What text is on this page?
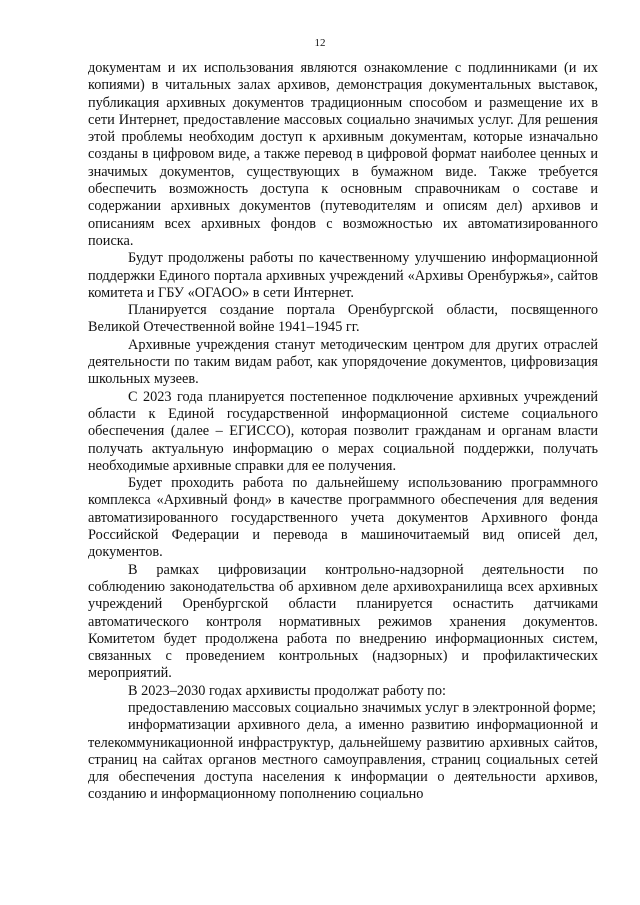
12

документам и их использования являются ознакомление с подлинниками (и их копиями) в читальных залах архивов, демонстрация документальных выставок, публикация архивных документов традиционным способом и размещение их в сети Интернет, предоставление массовых социально значимых услуг. Для решения этой проблемы необходим доступ к архивным документам, которые изначально созданы в цифровом виде, а также перевод в цифровой формат наиболее ценных и значимых документов, существующих в бумажном виде. Также требуется обеспечить возможность доступа к основным справочникам о составе и содержании архивных документов (путеводителям и описям дел) архивов и описаниям всех архивных фондов с возможностью их автоматизированного поиска.

Будут продолжены работы по качественному улучшению информационной поддержки Единого портала архивных учреждений «Архивы Оренбуржья», сайтов комитета и ГБУ «ОГАОО» в сети Интернет.

Планируется создание портала Оренбургской области, посвященного Великой Отечественной войне 1941–1945 гг.

Архивные учреждения станут методическим центром для других отраслей деятельности по таким видам работ, как упорядочение документов, цифровизация школьных музеев.

С 2023 года планируется постепенное подключение архивных учреждений области к Единой государственной информационной системе социального обеспечения (далее – ЕГИССО), которая позволит гражданам и органам власти получать актуальную информацию о мерах социальной поддержки, получать необходимые архивные справки для ее получения.

Будет проходить работа по дальнейшему использованию программного комплекса «Архивный фонд» в качестве программного обеспечения для ведения автоматизированного государственного учета документов Архивного фонда Российской Федерации и перевода в машиночитаемый вид описей дел, документов.

В рамках цифровизации контрольно-надзорной деятельности по соблюдению законодательства об архивном деле архивохранилища всех архивных учреждений Оренбургской области планируется оснастить датчиками автоматического контроля нормативных режимов хранения документов. Комитетом будет продолжена работа по внедрению информационных систем, связанных с проведением контрольных (надзорных) и профилактических мероприятий.

В 2023–2030 годах архивисты продолжат работу по:

предоставлению массовых социально значимых услуг в электронной форме;

информатизации архивного дела, а именно развитию информационной и телекоммуникационной инфраструктур, дальнейшему развитию архивных сайтов, страниц на сайтах органов местного самоуправления, страниц социальных сетей для обеспечения доступа населения к информации о деятельности архивов, созданию и информационному пополнению социально
